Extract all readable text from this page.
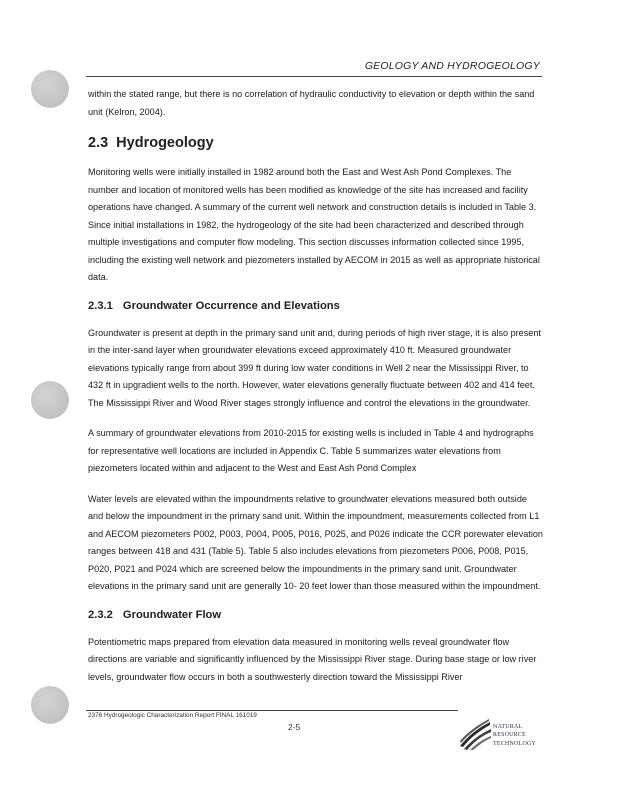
GEOLOGY AND HYDROGEOLOGY

within the stated range, but there is no correlation of hydraulic conductivity to elevation or depth within the sand unit (Kelron, 2004).

2.3 Hydrogeology

Monitoring wells were initially installed in 1982 around both the East and West Ash Pond Complexes. The number and location of monitored wells has been modified as knowledge of the site has increased and facility operations have changed. A summary of the current well network and construction details is included in Table 3. Since initial installations in 1982, the hydrogeology of the site had been characterized and described through multiple investigations and computer flow modeling. This section discusses information collected since 1995, including the existing well network and piezometers installed by AECOM in 2015 as well as appropriate historical data.

2.3.1 Groundwater Occurrence and Elevations

Groundwater is present at depth in the primary sand unit and, during periods of high river stage, it is also present in the inter-sand layer when groundwater elevations exceed approximately 410 ft. Measured groundwater elevations typically range from about 399 ft during low water conditions in Well 2 near the Mississippi River, to 432 ft in upgradient wells to the north. However, water elevations generally fluctuate between 402 and 414 feet. The Mississippi River and Wood River stages strongly influence and control the elevations in the groundwater.

A summary of groundwater elevations from 2010-2015 for existing wells is included in Table 4 and hydrographs for representative well locations are included in Appendix C. Table 5 summarizes water elevations from piezometers located within and adjacent to the West and East Ash Pond Complex

Water levels are elevated within the impoundments relative to groundwater elevations measured both outside and below the impoundment in the primary sand unit. Within the impoundment, measurements collected from L1 and AECOM piezometers P002, P003, P004, P005, P016, P025, and P026 indicate the CCR porewater elevation ranges between 418 and 431 (Table 5). Table 5 also includes elevations from piezometers P006, P008, P015, P020, P021 and P024 which are screened below the impoundments in the primary sand unit. Groundwater elevations in the primary sand unit are generally 10- 20 feet lower than those measured within the impoundment.

2.3.2 Groundwater Flow

Potentiometric maps prepared from elevation data measured in monitoring wells reveal groundwater flow directions are variable and significantly influenced by the Mississippi River stage. During base stage or low river levels, groundwater flow occurs in both a southwesterly direction toward the Mississippi River

2376 Hydrogeologic Characterization Report FINAL 161019
2-5	NATURAL
RESOURCE
TECHNOLOGY
